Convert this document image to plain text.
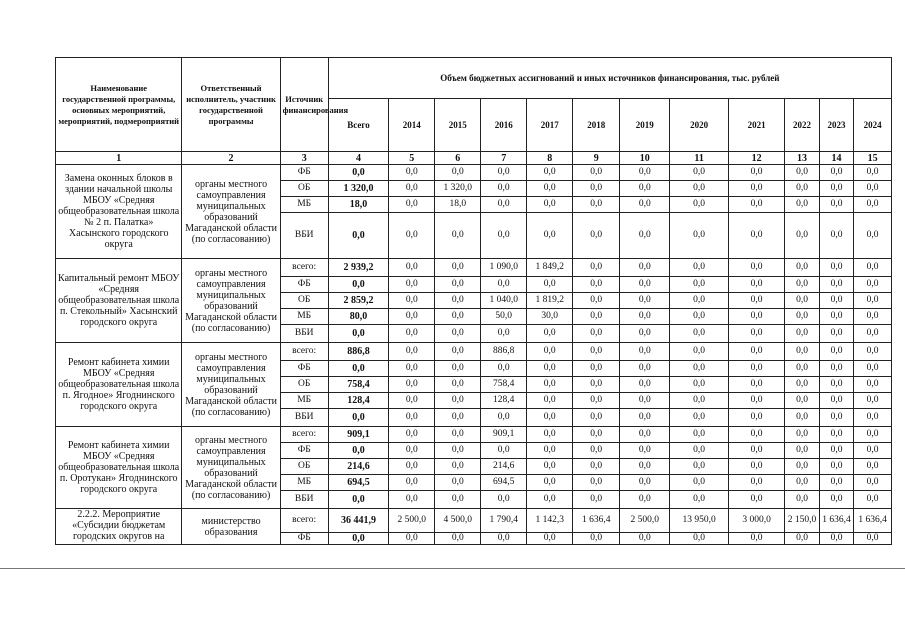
Наименование государственной программы, основных мероприятий, мероприятий, подмероприятий	Ответственный исполнитель, участник государственной программы	Источник финансирования	Объем бюджетных ассигнований и иных источников финансирования, тыс. рублей											
			Всего	2014	2015	2016	2017	2018	2019	2020	2021	2022	2023	2024
1	2	3	4	5	6	7	8	9	10	11	12	13	14	15
Замена оконных блоков в здании начальной школы МБОУ «Средняя общеобразовательная школа № 2 п. Палатка» Хасынского городского округа	органы местного самоуправления муниципальных образований Магаданской области (по согласованию)	ФБ	0,0	0,0	0,0	0,0	0,0	0,0	0,0	0,0	0,0	0,0	0,0	0,0
		ОБ	1 320,0	0,0	1 320,0	0,0	0,0	0,0	0,0	0,0	0,0	0,0	0,0	0,0
		МБ	18,0	0,0	18,0	0,0	0,0	0,0	0,0	0,0	0,0	0,0	0,0	0,0
		ВБИ	0,0	0,0	0,0	0,0	0,0	0,0	0,0	0,0	0,0	0,0	0,0	0,0
Капитальный ремонт МБОУ «Средняя общеобразовательная школа п. Стекольный» Хасынский городского округа	органы местного самоуправления муниципальных образований Магаданской области (по согласованию)	всего:	2 939,2	0,0	0,0	1 090,0	1 849,2	0,0	0,0	0,0	0,0	0,0	0,0	0,0
		ФБ	0,0	0,0	0,0	0,0	0,0	0,0	0,0	0,0	0,0	0,0	0,0	0,0
		ОБ	2 859,2	0,0	0,0	1 040,0	1 819,2	0,0	0,0	0,0	0,0	0,0	0,0	0,0
		МБ	80,0	0,0	0,0	50,0	30,0	0,0	0,0	0,0	0,0	0,0	0,0	0,0
		ВБИ	0,0	0,0	0,0	0,0	0,0	0,0	0,0	0,0	0,0	0,0	0,0	0,0
Ремонт кабинета химии МБОУ «Средняя общеобразовательная школа п. Ягодное» Ягоднинского городского округа	органы местного самоуправления муниципальных образований Магаданской области (по согласованию)	всего:	886,8	0,0	0,0	886,8	0,0	0,0	0,0	0,0	0,0	0,0	0,0	0,0
		ФБ	0,0	0,0	0,0	0,0	0,0	0,0	0,0	0,0	0,0	0,0	0,0	0,0
		ОБ	758,4	0,0	0,0	758,4	0,0	0,0	0,0	0,0	0,0	0,0	0,0	0,0
		МБ	128,4	0,0	0,0	128,4	0,0	0,0	0,0	0,0	0,0	0,0	0,0	0,0
		ВБИ	0,0	0,0	0,0	0,0	0,0	0,0	0,0	0,0	0,0	0,0	0,0	0,0
Ремонт кабинета химии МБОУ «Средняя общеобразовательная школа п. Оротукан» Ягоднинского городского округа	органы местного самоуправления муниципальных образований Магаданской области (по согласованию)	всего:	909,1	0,0	0,0	909,1	0,0	0,0	0,0	0,0	0,0	0,0	0,0	0,0
		ФБ	0,0	0,0	0,0	0,0	0,0	0,0	0,0	0,0	0,0	0,0	0,0	0,0
		ОБ	214,6	0,0	0,0	214,6	0,0	0,0	0,0	0,0	0,0	0,0	0,0	0,0
		МБ	694,5	0,0	0,0	694,5	0,0	0,0	0,0	0,0	0,0	0,0	0,0	0,0
		ВБИ	0,0	0,0	0,0	0,0	0,0	0,0	0,0	0,0	0,0	0,0	0,0	0,0
2.2.2. Мероприятие «Субсидии бюджетам городских округов на	министерство образования	всего:	36 441,9	2 500,0	4 500,0	1 790,4	1 142,3	1 636,4	2 500,0	13 950,0	3 000,0	2 150,0	1 636,4	1 636,4
		ФБ	0,0	0,0	0,0	0,0	0,0	0,0	0,0	0,0	0,0	0,0	0,0	0,0
